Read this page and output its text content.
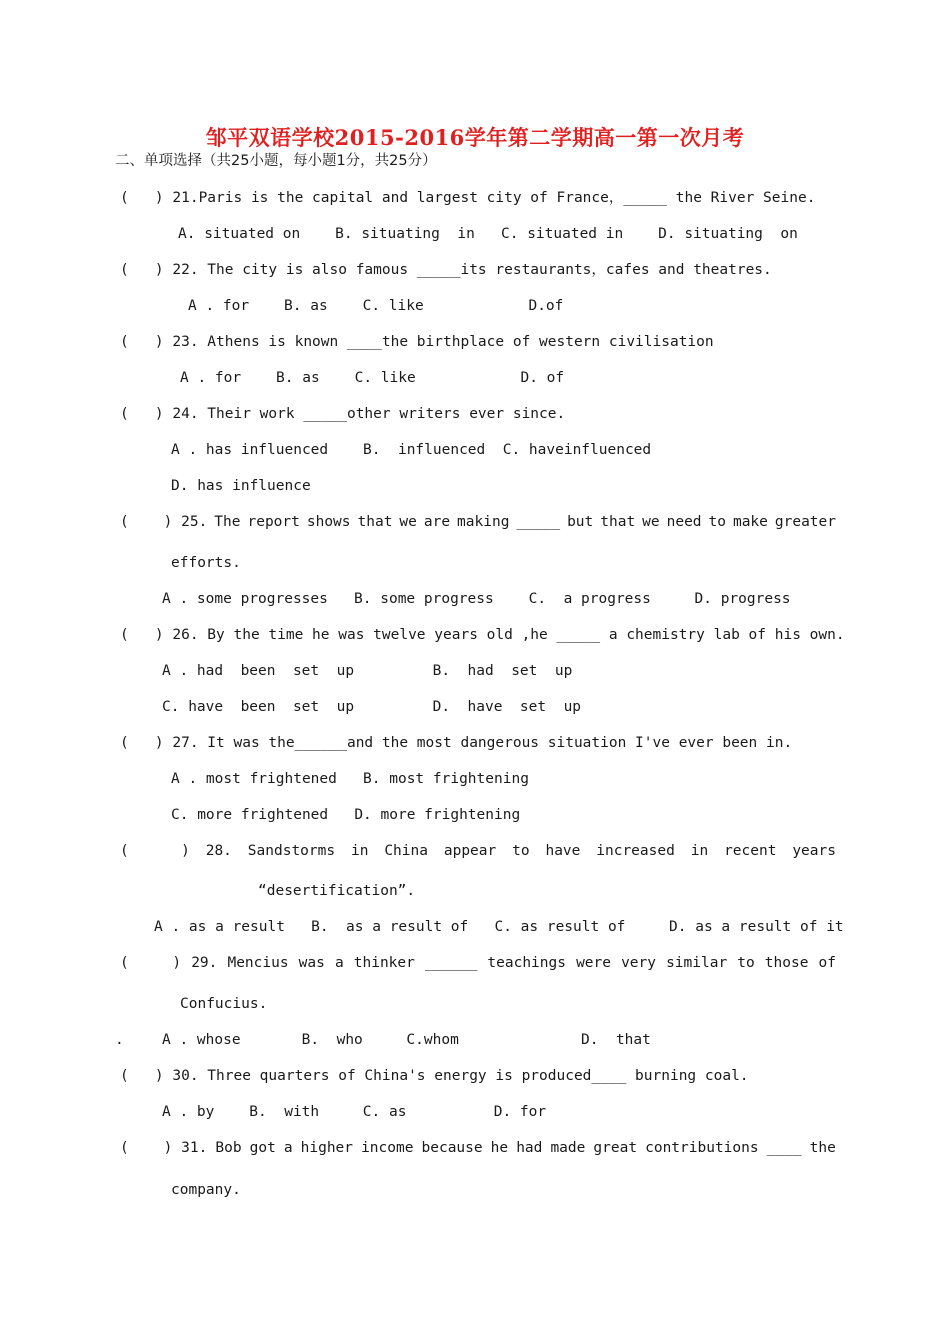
邹平双语学校2015-2016学年第二学期高一第一次月考
二、单项选择（共25小题，每小题1分，共25分）
(   ) 21.Paris is the capital and largest city of France，_____ the River Seine.
A. situated on    B. situating  in   C. situated in    D. situating  on
(   ) 22. The city is also famous _____its restaurants，cafes and theatres.
A . for    B. as    C. like            D.of
(   ) 23. Athens is known ____the birthplace of western civilisation
A . for    B. as    C. like            D. of
(   ) 24. Their work _____other writers ever since.
A . has influenced    B.  influenced  C. haveinfluenced
D. has influence
(    ) 25. The report shows that we are making _____ but that we need to make greater
efforts.
A . some progresses   B. some progress    C.  a progress     D. progress
(   ) 26. By the time he was twelve years old ,he _____ a chemistry lab of his own.
A . had  been  set  up         B.  had  set  up
C. have  been  set  up         D.  have  set  up
(   ) 27. It was the______and the most dangerous situation I've ever been in.
A . most frightened   B. most frightening
C. more frightened   D. more frightening
(      ) 28. Sandstorms in China appear to have increased in recent years
“desertification”.
A . as a result   B.  as a result of   C. as result of     D. as a result of it
(     ) 29. Mencius was a thinker ______ teachings were very similar to those of
Confucius.
.	A . whose       B.  who     C.whom              D.  that
(   ) 30. Three quarters of China's energy is produced____ burning coal.
A . by    B.  with     C. as          D. for
(    ) 31. Bob got a higher income because he had made great contributions ____ the
company.
